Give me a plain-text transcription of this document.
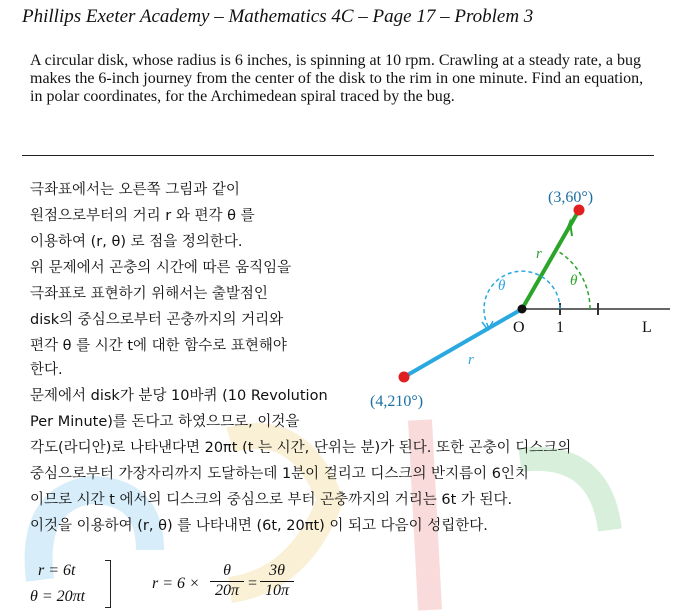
Phillips Exeter Academy – Mathematics 4C – Page 17 – Problem 3
A circular disk, whose radius is 6 inches, is spinning at 10 rpm. Crawling at a steady rate, a bug makes the 6-inch journey from the center of the disk to the rim in one minute. Find an equation, in polar coordinates, for the Archimedean spiral traced by the bug.
극좌표에서는 오른쪽 그림과 같이
원점으로부터의 거리 r 와 편각 θ 를
이용하여 (r, θ) 로 점을 정의한다.
위 문제에서 곤충의 시간에 따른 움직임을
극좌표로 표현하기 위해서는 출발점인
disk의 중심으로부터 곤충까지의 거리와
편각 θ 를 시간 t에 대한 함수로 표현해야
한다.
문제에서 disk가 분당 10바퀴 (10 Revolution
Per Minute)를 돈다고 하였으므로, 이것을
각도(라디안)로 나타낸다면 20πt (t 는 시간, 단위는 분)가 된다. 또한 곤충이 디스크의
중심으로부터 가장자리까지 도달하는데 1분이 걸리고 디스크의 반지름이 6인치
이므로 시간 t 에서의 디스크의 중심으로 부터 곤충까지의 거리는 6t 가 된다.
이것을 이용하여 (r, θ) 를 나타내면 (6t, 20πt) 이 되고 다음이 성립한다.
(3,60°)
(4,210°)
r
r
θ
θ
O 1	L
r = 6t
θ = 20πt
$r = 6 \times \frac{\theta}{20\pi} = \frac{3\theta}{10\pi}$
